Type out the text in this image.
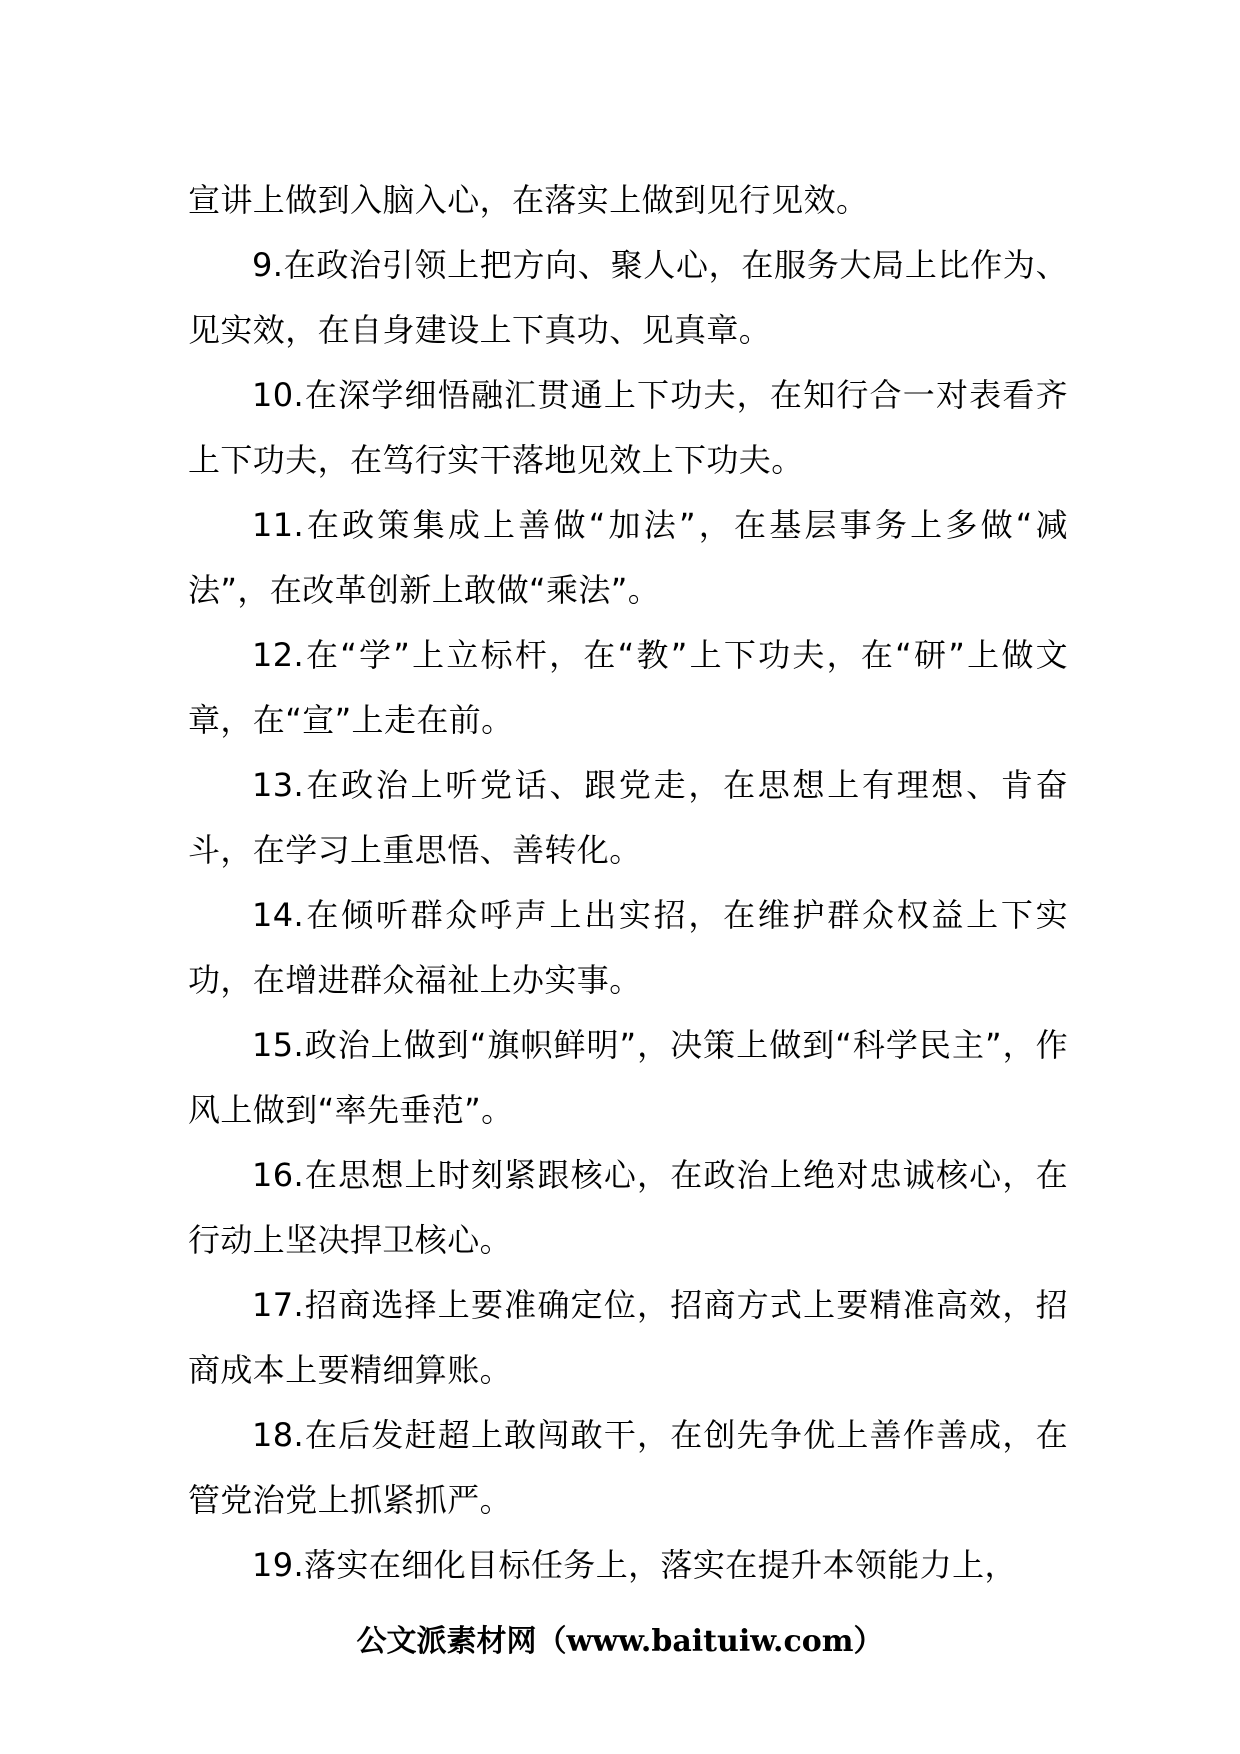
宣讲上做到入脑入心，在落实上做到见行见效。

9.在政治引领上把方向、聚人心，在服务大局上比作为、见实效，在自身建设上下真功、见真章。

10.在深学细悟融汇贯通上下功夫，在知行合一对表看齐上下功夫，在笃行实干落地见效上下功夫。

11.在政策集成上善做“加法”，在基层事务上多做“减法”，在改革创新上敢做“乘法”。

12.在“学”上立标杆，在“教”上下功夫，在“研”上做文章，在“宣”上走在前。

13.在政治上听党话、跟党走，在思想上有理想、肯奋斗，在学习上重思悟、善转化。

14.在倾听群众呼声上出实招，在维护群众权益上下实功，在增进群众福祉上办实事。

15.政治上做到“旗帜鲜明”，决策上做到“科学民主”，作风上做到“率先垂范”。

16.在思想上时刻紧跟核心，在政治上绝对忠诚核心，在行动上坚决捍卫核心。

17.招商选择上要准确定位，招商方式上要精准高效，招商成本上要精细算账。

18.在后发赶超上敢闯敢干，在创先争优上善作善成，在管党治党上抓紧抓严。

19.落实在细化目标任务上，落实在提升本领能力上，

公文派素材网（www.baituiw.com）
